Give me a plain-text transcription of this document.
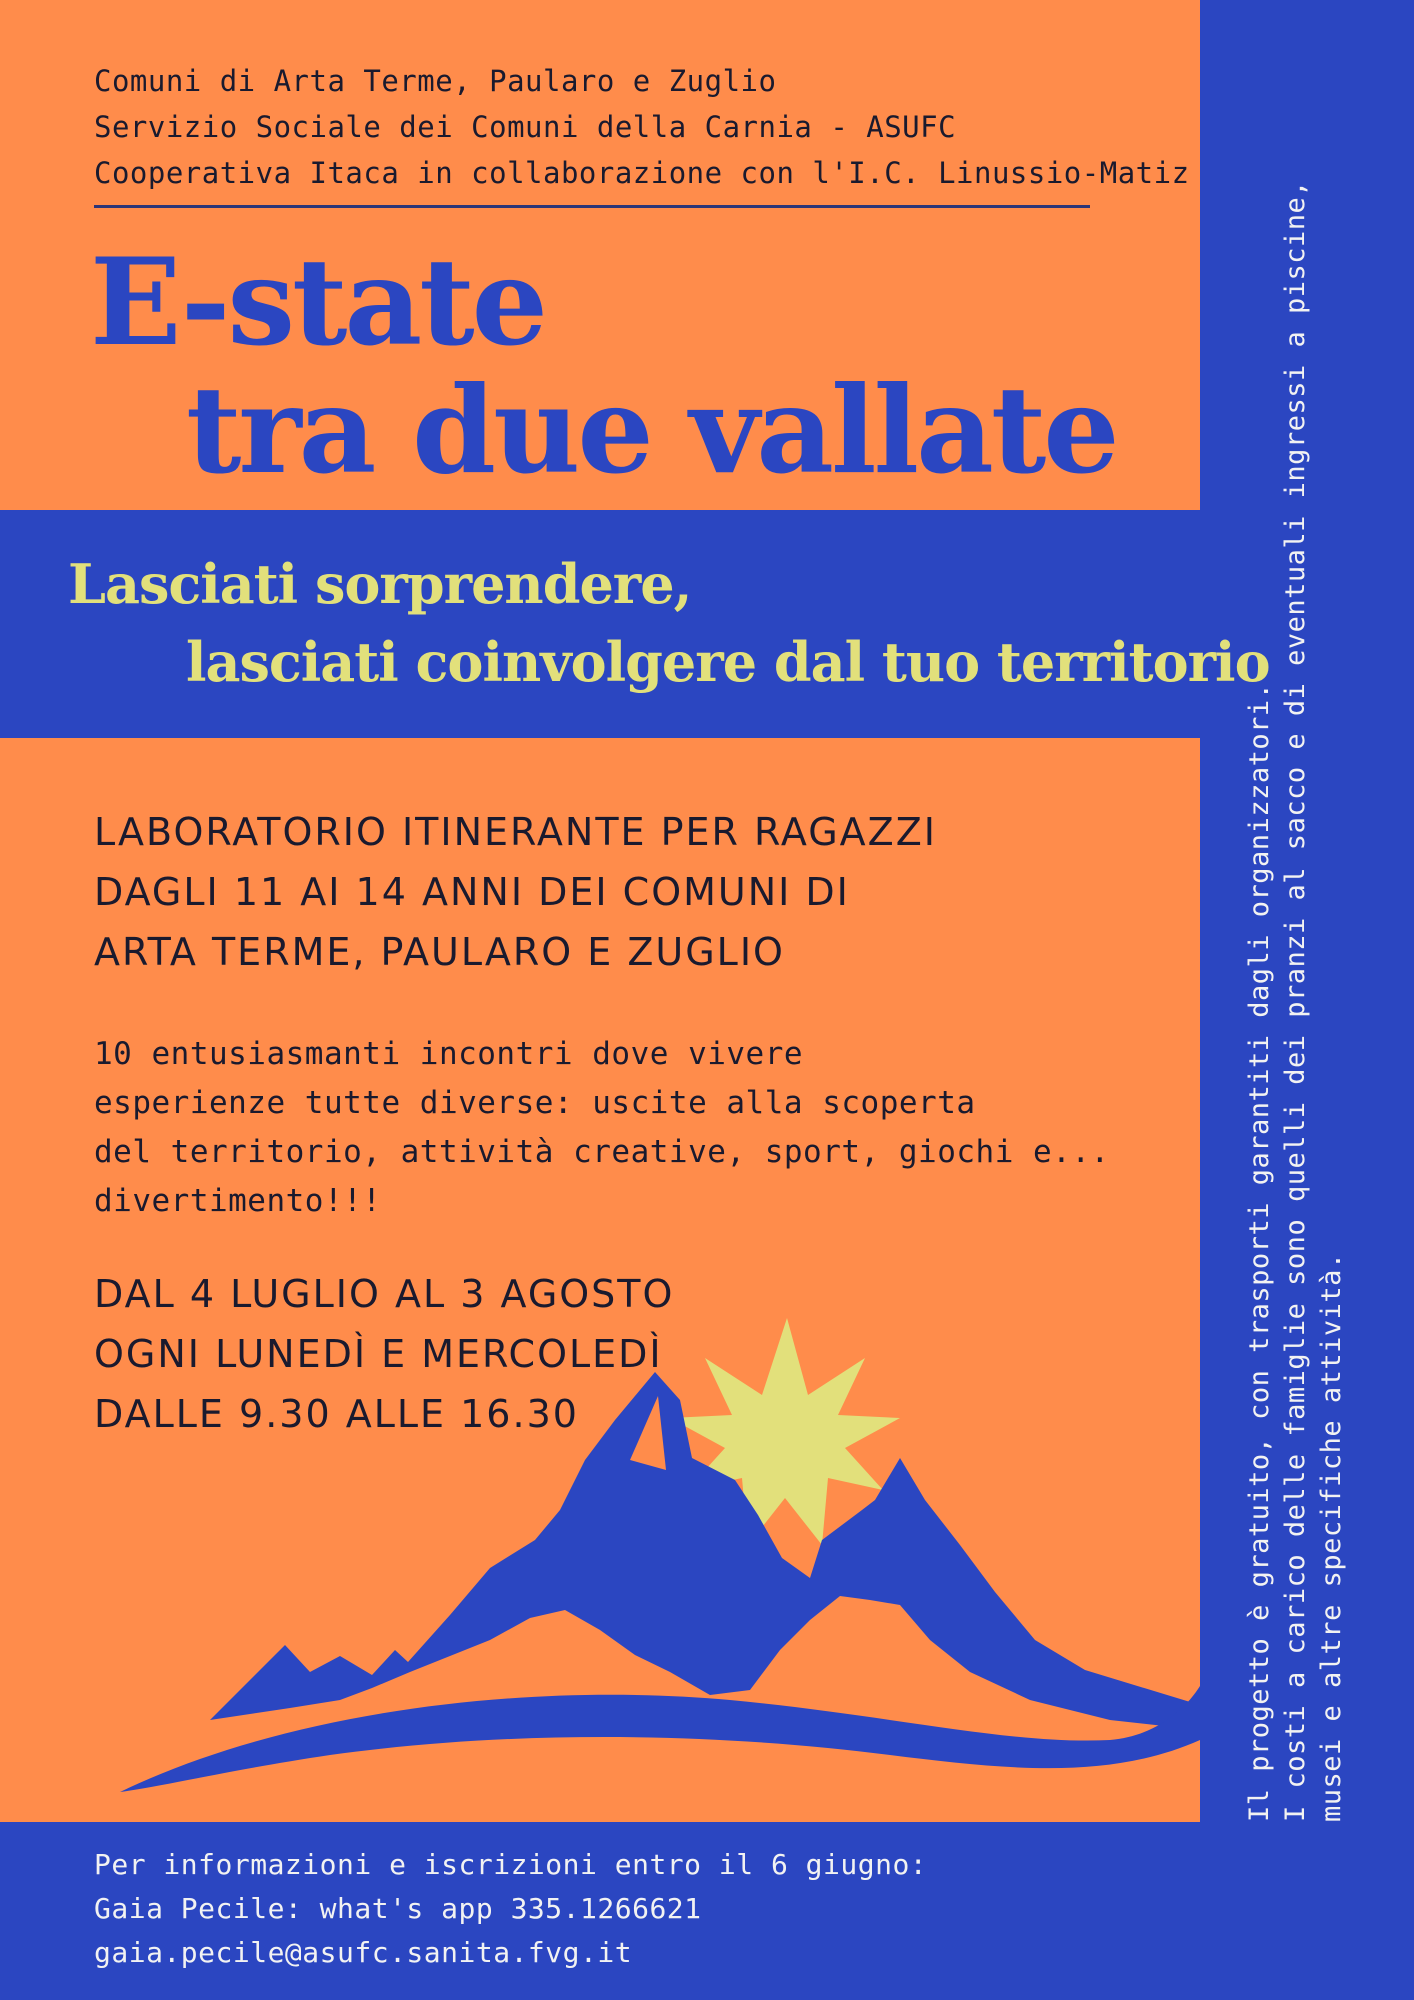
Comuni di Arta Terme, Paularo e Zuglio
Servizio Sociale dei Comuni della Carnia - ASUFC
Cooperativa Itaca in collaborazione con l'I.C. Linussio-Matiz
E-state
tra due vallate
Lasciati sorprendere,
lasciati coinvolgere dal tuo territorio
LABORATORIO ITINERANTE PER RAGAZZI
DAGLI 11 AI 14 ANNI DEI COMUNI DI
ARTA TERME, PAULARO E ZUGLIO
10 entusiasmanti incontri dove vivere
esperienze tutte diverse: uscite alla scoperta
del territorio, attività creative, sport, giochi e...
divertimento!!!
DAL 4 LUGLIO AL 3 AGOSTO
OGNI LUNEDÌ E MERCOLEDÌ
DALLE 9.30 ALLE 16.30	Il progetto è gratuito, con trasporti garantiti dagli organizzatori. I costi a carico delle famiglie sono quelli dei pranzi al sacco e di eventuali ingressi a piscine, musei e altre specifiche attività.
Per informazioni e iscrizioni entro il 6 giugno:
Gaia Pecile: what's app 335.1266621
gaia.pecile@asufc.sanita.fvg.it
